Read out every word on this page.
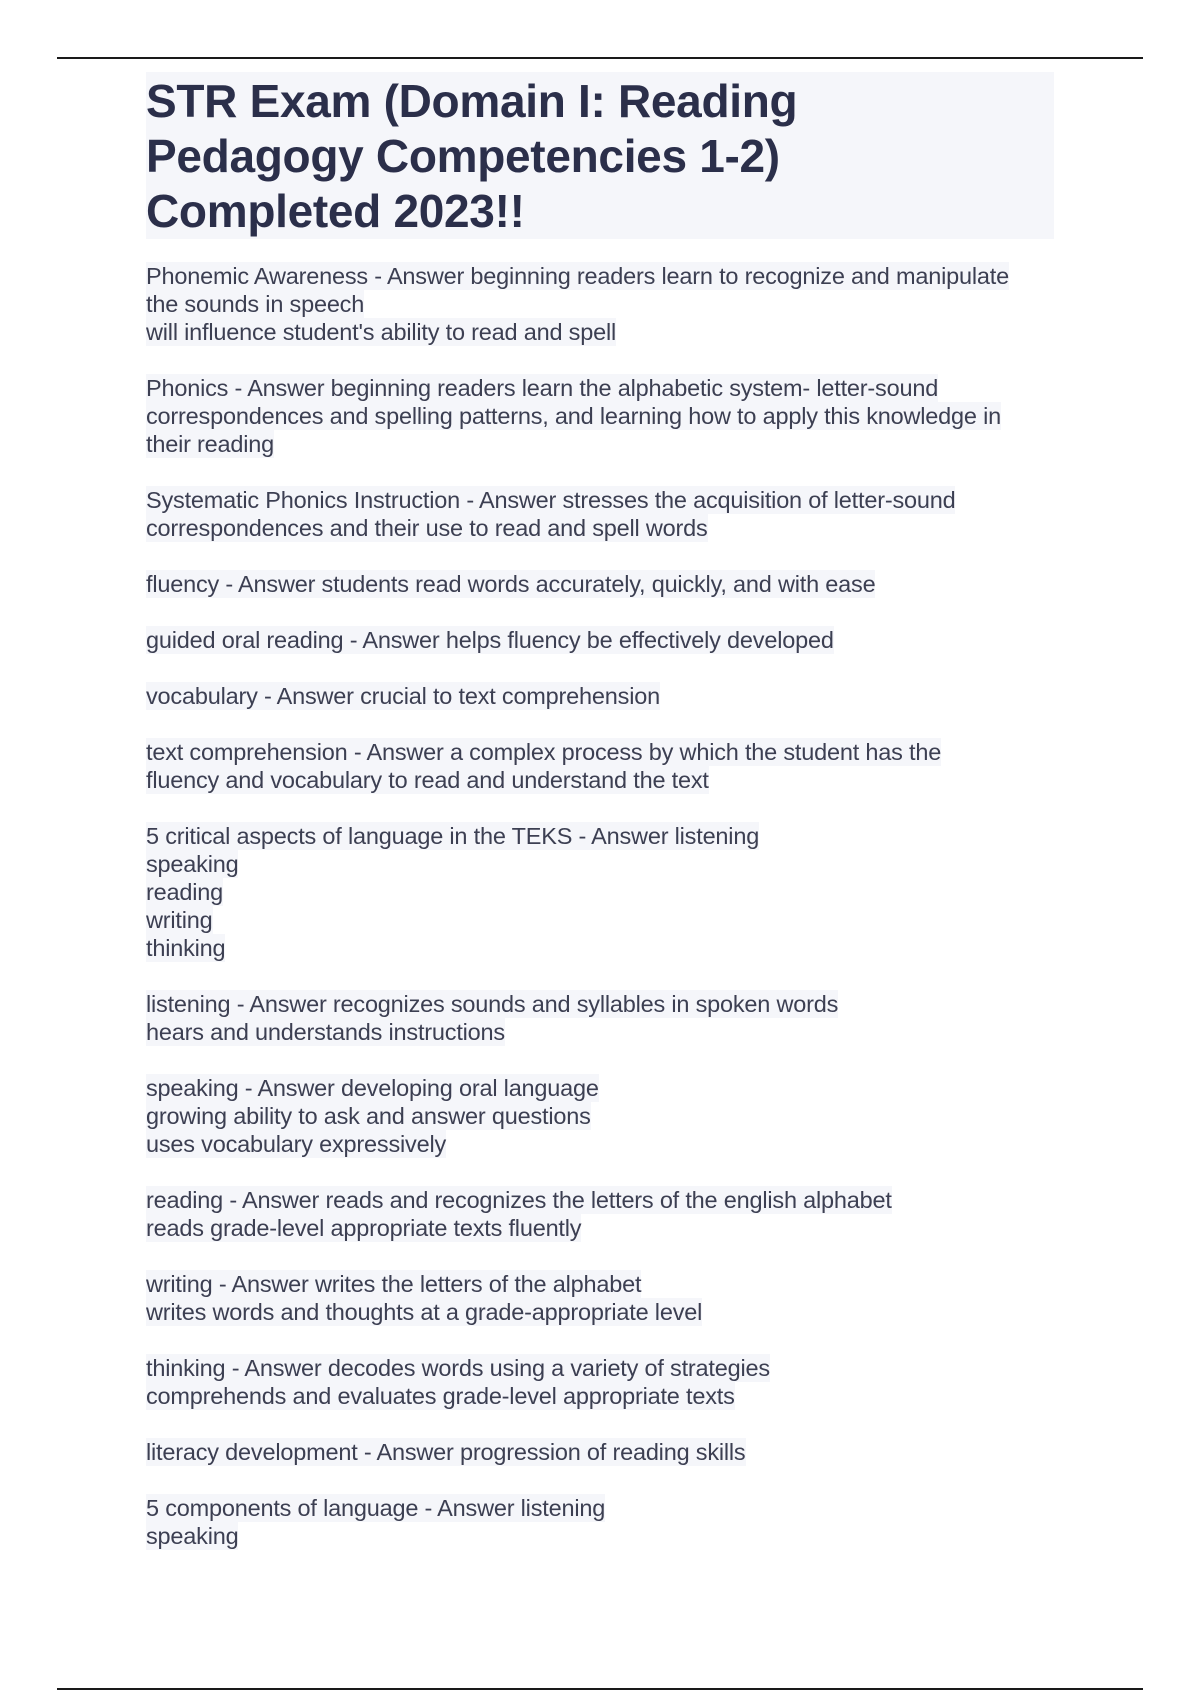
STR Exam (Domain I: Reading
Pedagogy Competencies 1-2)
Completed 2023!!

Phonemic Awareness - Answer beginning readers learn to recognize and manipulate
the sounds in speech
will influence student's ability to read and spell

Phonics - Answer beginning readers learn the alphabetic system- letter-sound
correspondences and spelling patterns, and learning how to apply this knowledge in
their reading

Systematic Phonics Instruction - Answer stresses the acquisition of letter-sound
correspondences and their use to read and spell words

fluency - Answer students read words accurately, quickly, and with ease

guided oral reading - Answer helps fluency be effectively developed

vocabulary - Answer crucial to text comprehension

text comprehension - Answer a complex process by which the student has the
fluency and vocabulary to read and understand the text

5 critical aspects of language in the TEKS - Answer listening
speaking
reading
writing
thinking

listening - Answer recognizes sounds and syllables in spoken words
hears and understands instructions

speaking - Answer developing oral language
growing ability to ask and answer questions
uses vocabulary expressively

reading - Answer reads and recognizes the letters of the english alphabet
reads grade-level appropriate texts fluently

writing - Answer writes the letters of the alphabet
writes words and thoughts at a grade-appropriate level

thinking - Answer decodes words using a variety of strategies
comprehends and evaluates grade-level appropriate texts

literacy development - Answer progression of reading skills

5 components of language - Answer listening
speaking
